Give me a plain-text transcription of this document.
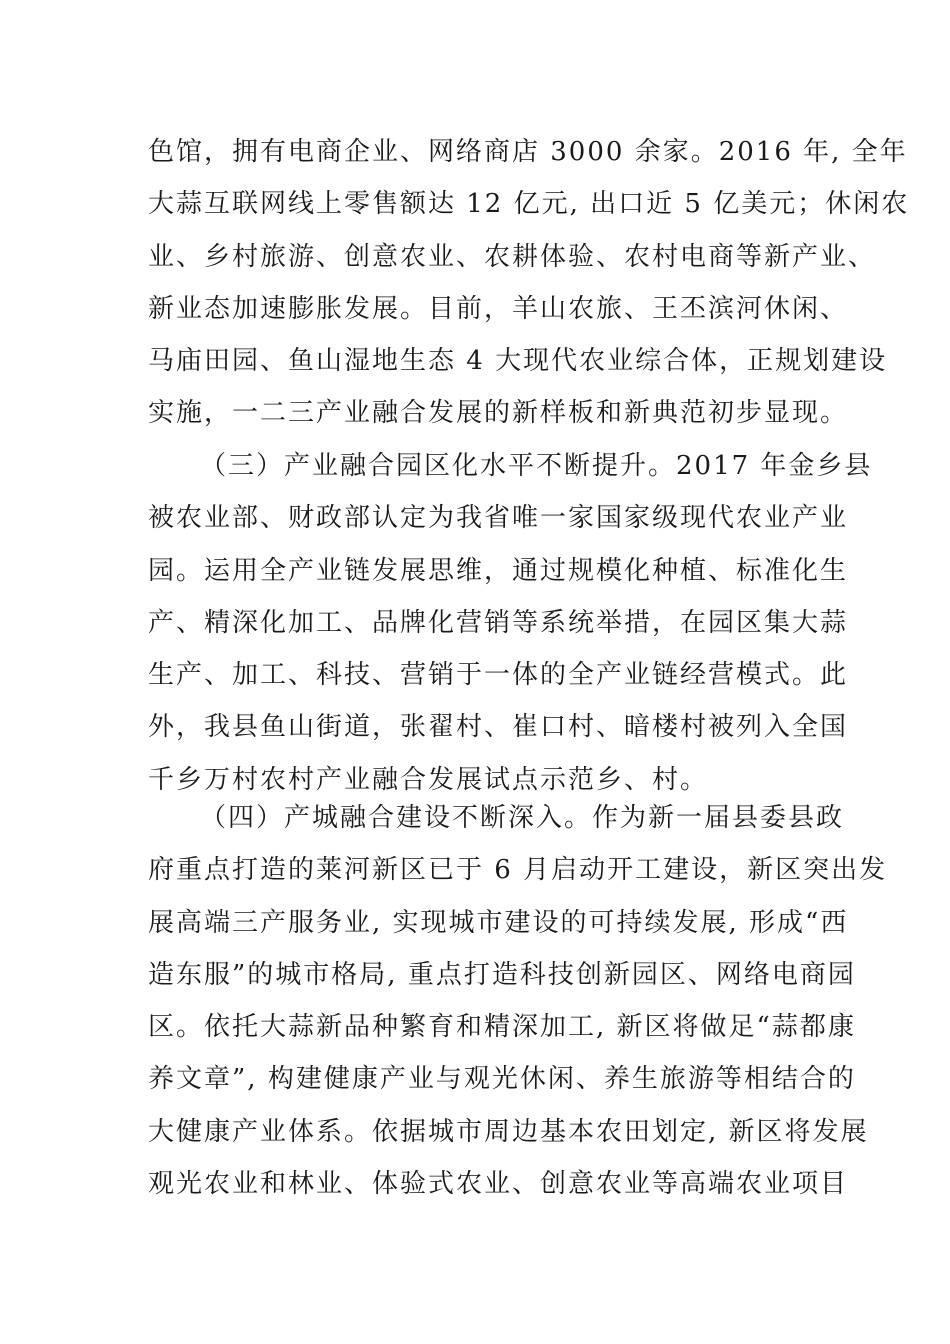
色馆，拥有电商企业、网络商店 3000 余家。2016 年, 全年
大蒜互联网线上零售额达 12 亿元, 出口近 5 亿美元；休闲农
业、乡村旅游、创意农业、农耕体验、农村电商等新产业、
新业态加速膨胀发展。目前，羊山农旅、王丕滨河休闲、
马庙田园、鱼山湿地生态 4 大现代农业综合体，正规划建设
实施，一二三产业融合发展的新样板和新典范初步显现。
（三）产业融合园区化水平不断提升。2017 年金乡县
被农业部、财政部认定为我省唯一家国家级现代农业产业
园。运用全产业链发展思维，通过规模化种植、标准化生
产、精深化加工、品牌化营销等系统举措，在园区集大蒜
生产、加工、科技、营销于一体的全产业链经营模式。此
外，我县鱼山街道，张翟村、崔口村、暗楼村被列入全国
千乡万村农村产业融合发展试点示范乡、村。
（四）产城融合建设不断深入。作为新一届县委县政
府重点打造的莱河新区已于 6 月启动开工建设，新区突出发
展高端三产服务业, 实现城市建设的可持续发展, 形成“西
造东服”的城市格局, 重点打造科技创新园区、网络电商园
区。依托大蒜新品种繁育和精深加工, 新区将做足“蒜都康
养文章”, 构建健康产业与观光休闲、养生旅游等相结合的
大健康产业体系。依据城市周边基本农田划定, 新区将发展
观光农业和林业、体验式农业、创意农业等高端农业项目
